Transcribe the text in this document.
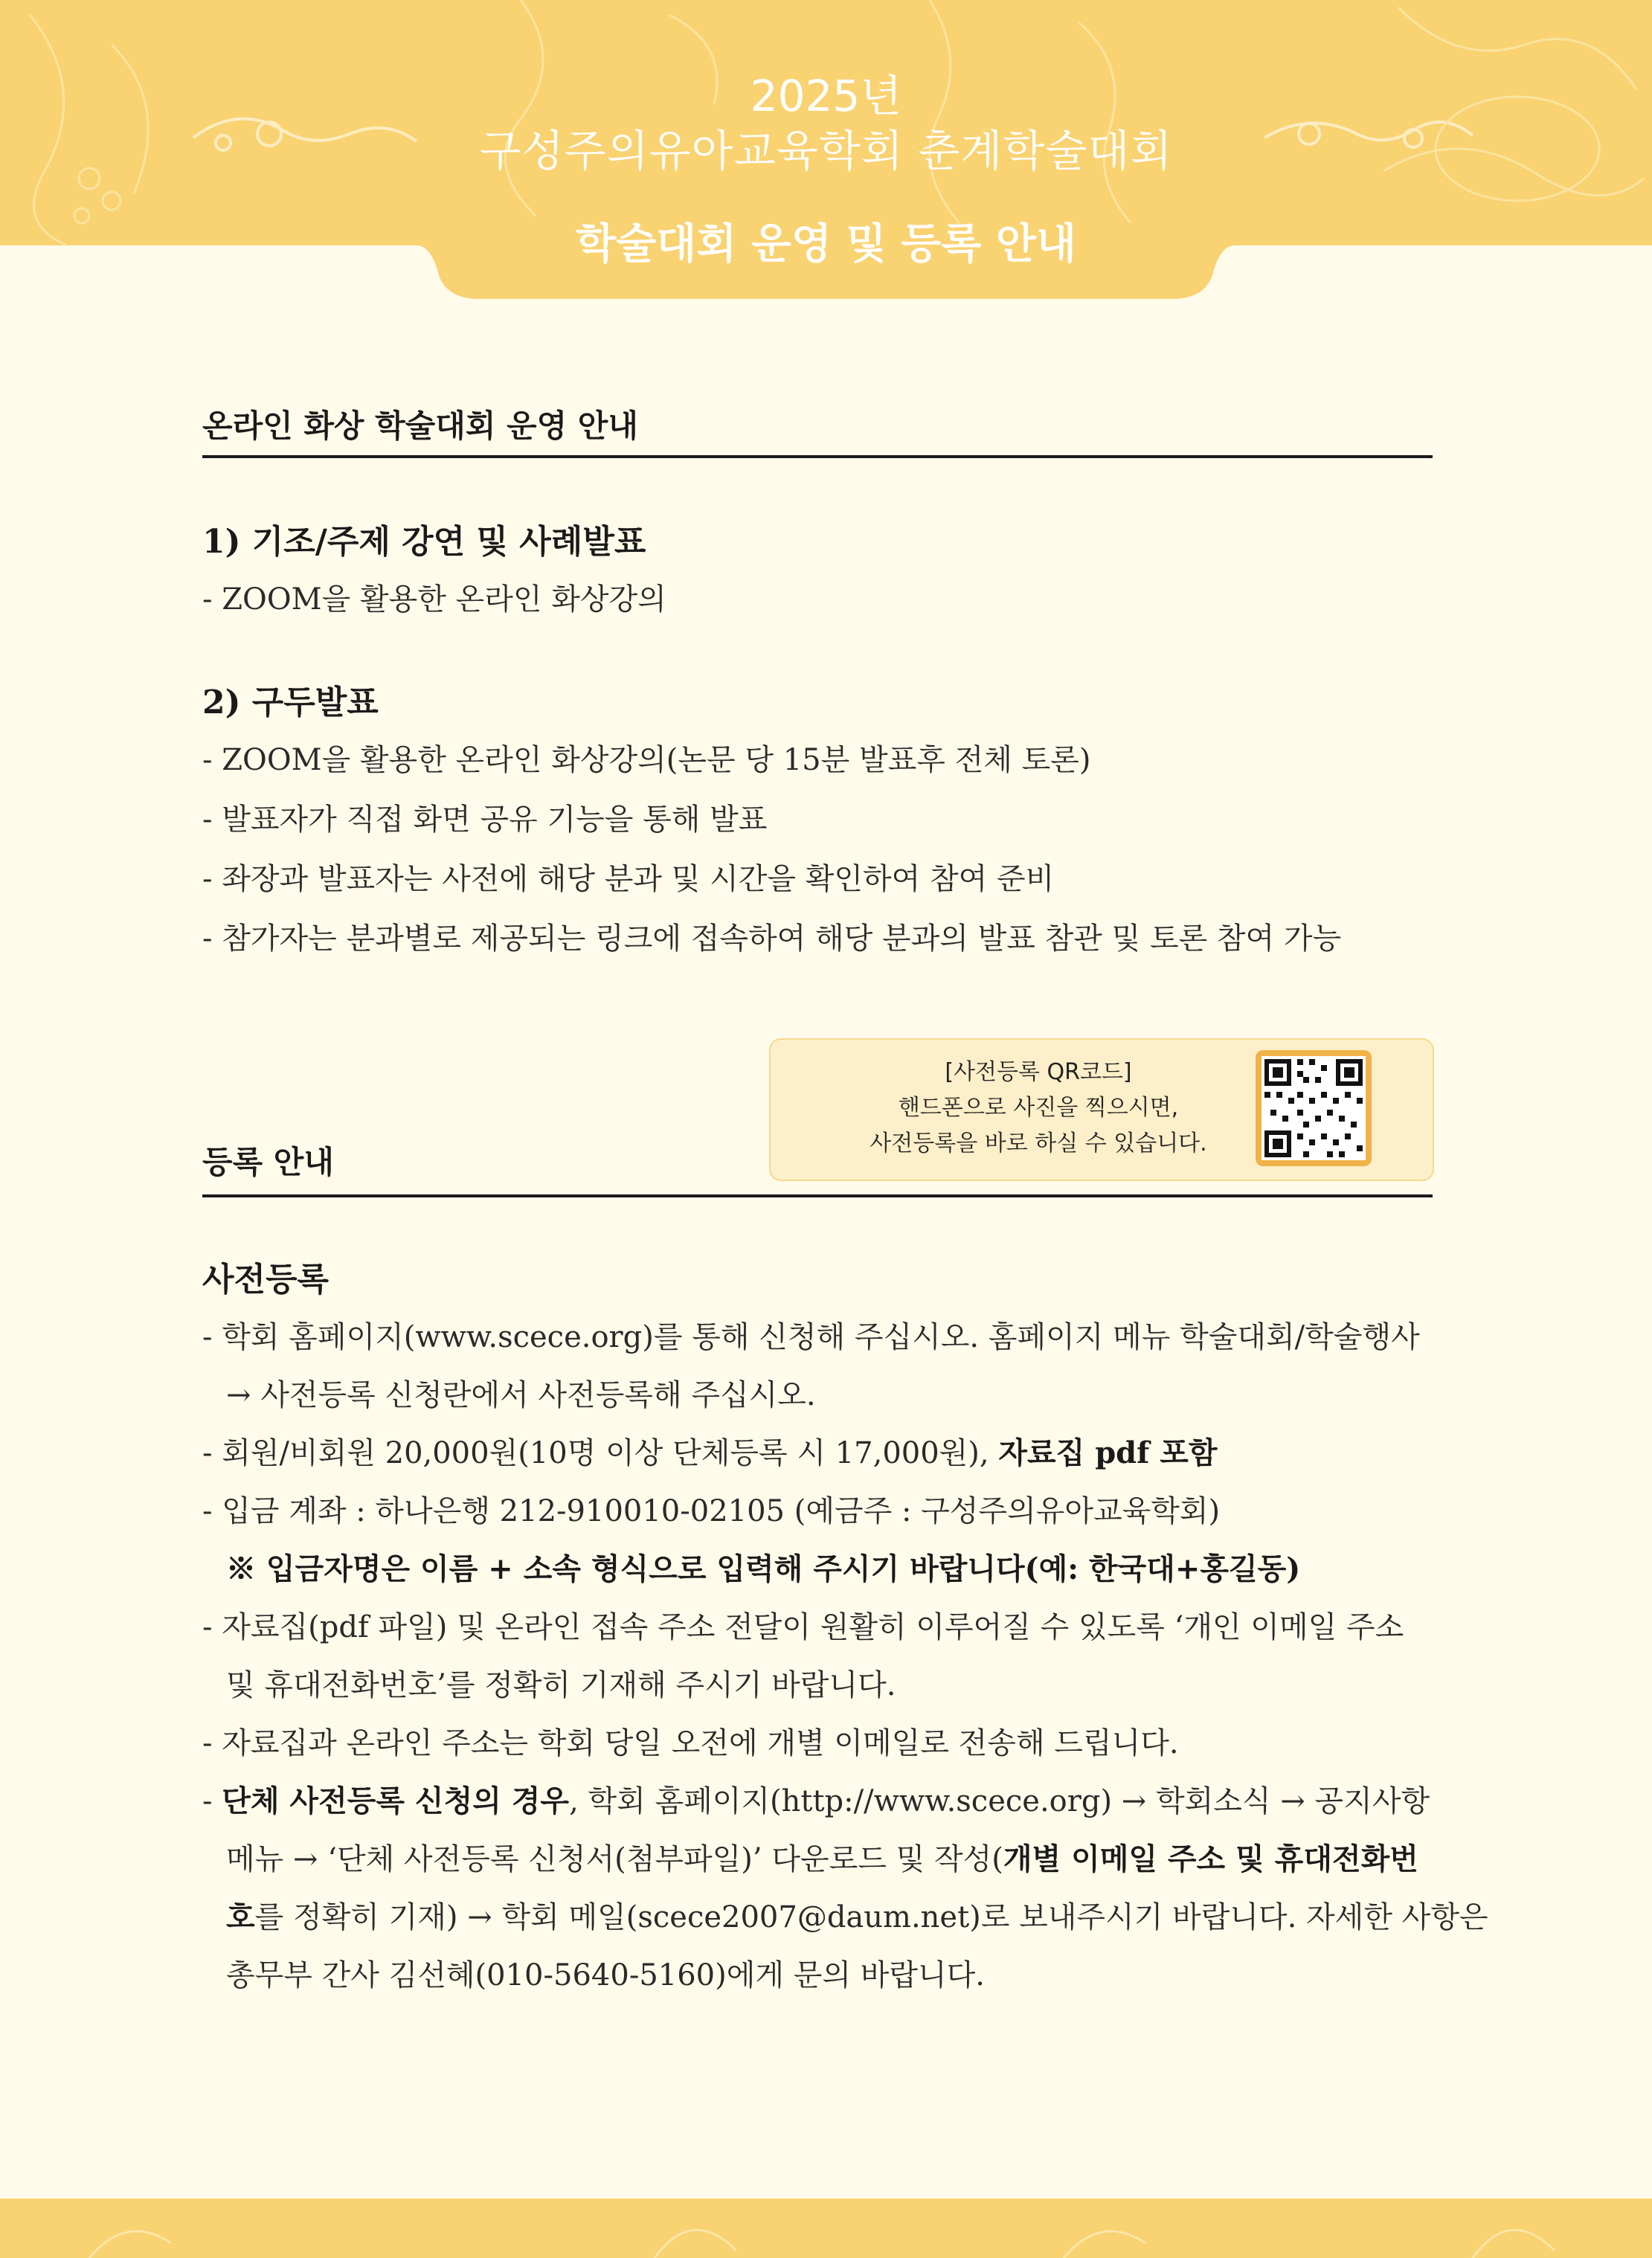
2025년
구성주의유아교육학회 춘계학술대회
학술대회 운영 및 등록 안내
온라인 화상 학술대회 운영 안내
1) 기조/주제 강연 및 사례발표
- ZOOM을 활용한 온라인 화상강의
2) 구두발표
- ZOOM을 활용한 온라인 화상강의(논문 당 15분 발표후 전체 토론)
- 발표자가 직접 화면 공유 기능을 통해 발표
- 좌장과 발표자는 사전에 해당 분과 및 시간을 확인하여 참여 준비
- 참가자는 분과별로 제공되는 링크에 접속하여 해당 분과의 발표 참관 및 토론 참여 가능
[사전등록 QR코드]
핸드폰으로 사진을 찍으시면,
사전등록을 바로 하실 수 있습니다.
등록 안내
사전등록
- 학회 홈페이지(www.scece.org)를 통해 신청해 주십시오. 홈페이지 메뉴 학술대회/학술행사
→ 사전등록 신청란에서 사전등록해 주십시오.
- 회원/비회원 20,000원(10명 이상 단체등록 시 17,000원), 자료집 pdf 포함
- 입금 계좌 : 하나은행 212-910010-02105 (예금주 : 구성주의유아교육학회)
※ 입금자명은 이름 + 소속 형식으로 입력해 주시기 바랍니다(예: 한국대+홍길동)
- 자료집(pdf 파일) 및 온라인 접속 주소 전달이 원활히 이루어질 수 있도록 ‘개인 이메일 주소
및 휴대전화번호’를 정확히 기재해 주시기 바랍니다.
- 자료집과 온라인 주소는 학회 당일 오전에 개별 이메일로 전송해 드립니다.
- 단체 사전등록 신청의 경우, 학회 홈페이지(http://www.scece.org) → 학회소식 → 공지사항
메뉴 → ‘단체 사전등록 신청서(첨부파일)’ 다운로드 및 작성(개별 이메일 주소 및 휴대전화번
호를 정확히 기재) → 학회 메일(scece2007@daum.net)로 보내주시기 바랍니다. 자세한 사항은
총무부 간사 김선혜(010-5640-5160)에게 문의 바랍니다.
